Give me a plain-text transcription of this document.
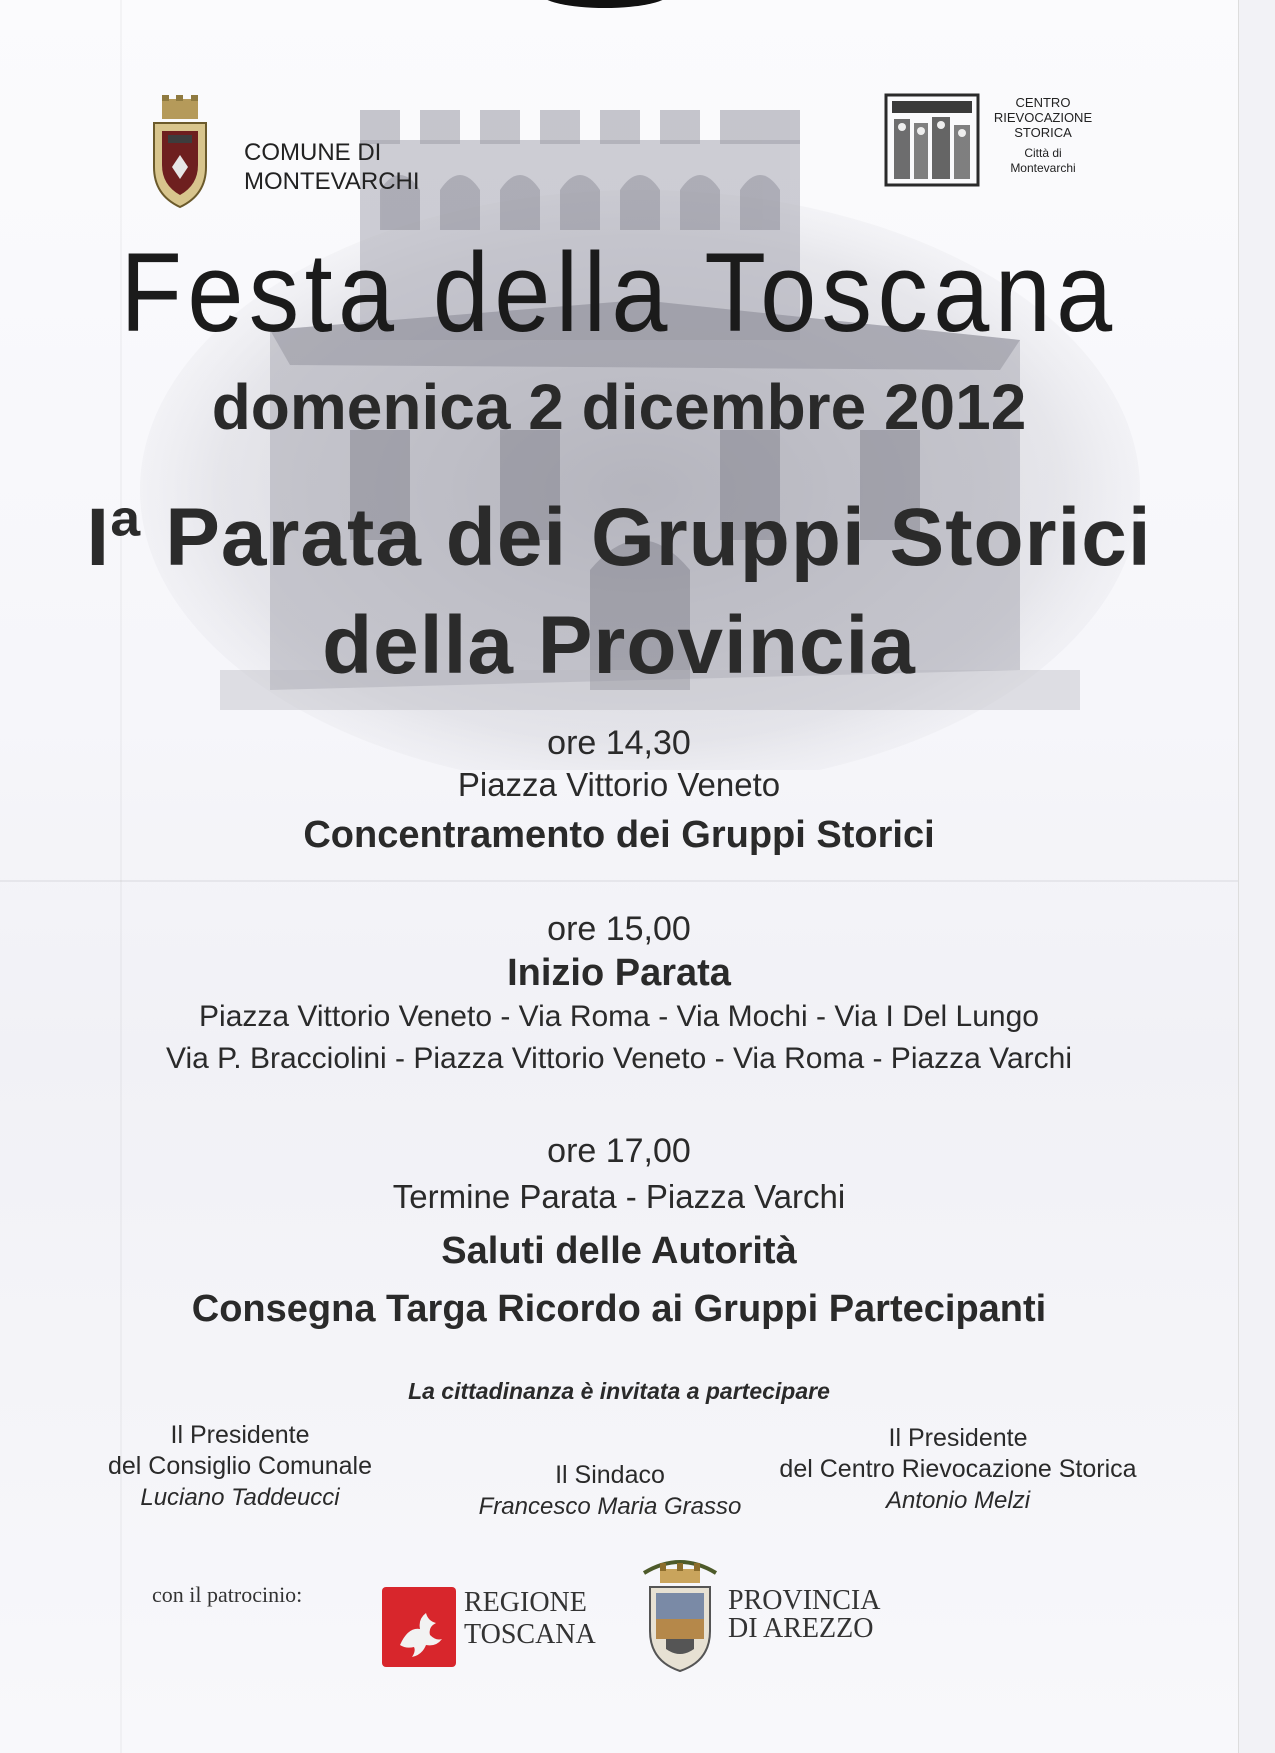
COMUNE DI
MONTEVARCHI
CENTRO
RIEVOCAZIONE
STORICA
Città di
Montevarchi
Festa della Toscana
domenica 2 dicembre 2012
Iª Parata dei Gruppi Storici
della Provincia
ore 14,30
Piazza Vittorio Veneto
Concentramento dei Gruppi Storici
ore 15,00
Inizio Parata
Piazza Vittorio Veneto - Via Roma - Via Mochi - Via I Del Lungo
Via P. Bracciolini - Piazza Vittorio Veneto - Via Roma - Piazza Varchi
ore 17,00
Termine Parata - Piazza Varchi
Saluti delle Autorità
Consegna Targa Ricordo ai Gruppi Partecipanti
La cittadinanza è invitata a partecipare
Il Presidente
del Consiglio Comunale
Luciano Taddeucci
Il Sindaco
Francesco Maria Grasso
Il Presidente
del Centro Rievocazione Storica
Antonio Melzi
con il patrocinio:	REGIONE
TOSCANA
PROVINCIA
DI AREZZO
